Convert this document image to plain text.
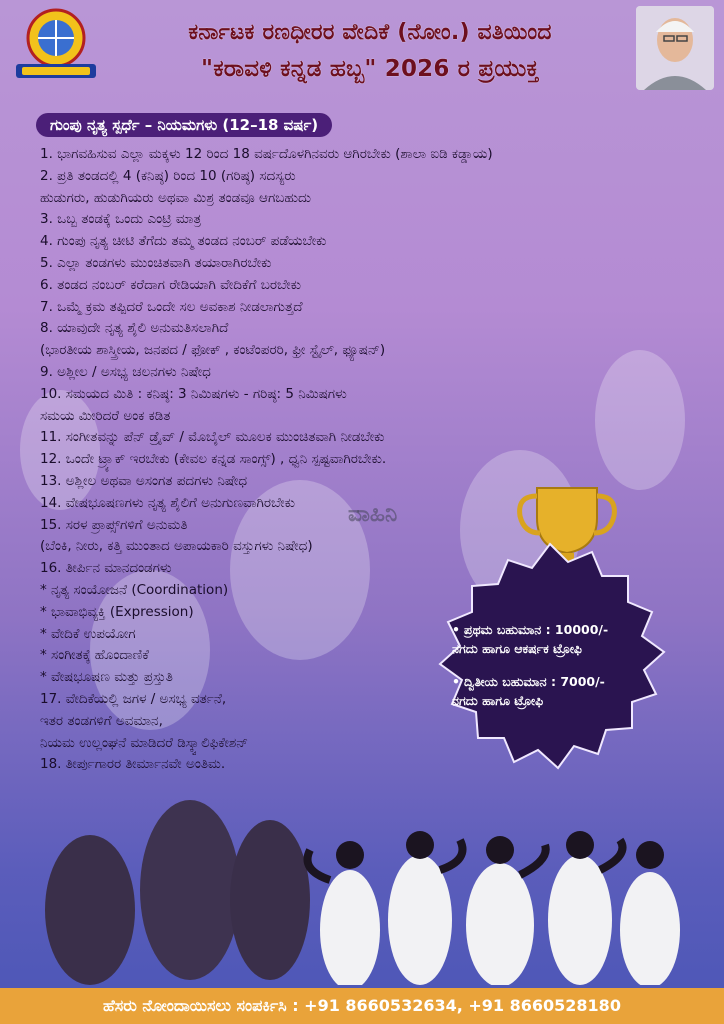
ಕರ್ನಾಟಕ ರಣಧೀರರ ವೇದಿಕೆ (ನೋಂ.) ವತಿಯಿಂದ
"ಕರಾವಳಿ ಕನ್ನಡ ಹಬ್ಬ" 2026 ರ ಪ್ರಯುಕ್ತ
ಗುಂಪು ನೃತ್ಯ ಸ್ಪರ್ಧೆ – ನಿಯಮಗಳು (12–18 ವರ್ಷ)
1. ಭಾಗವಹಿಸುವ ಎಲ್ಲಾ ಮಕ್ಕಳು 12 ರಿಂದ 18 ವರ್ಷದೊಳಗಿನವರು ಆಗಿರಬೇಕು (ಶಾಲಾ ಐಡಿ ಕಡ್ಡಾಯ)
2. ಪ್ರತಿ ತಂಡದಲ್ಲಿ 4 (ಕನಿಷ್ಠ) ರಿಂದ 10 (ಗರಿಷ್ಠ) ಸದಸ್ಯರು
ಹುಡುಗರು, ಹುಡುಗಿಯರು ಅಥವಾ ಮಿಶ್ರ ತಂಡವೂ ಆಗಬಹುದು
3. ಒಬ್ಬ ತಂಡಕ್ಕೆ ಒಂದು ಎಂಟ್ರಿ ಮಾತ್ರ
4. ಗುಂಪು ನೃತ್ಯ ಚೀಟಿ ತೆಗೆದು ತಮ್ಮ ತಂಡದ ನಂಬರ್ ಪಡೆಯಬೇಕು
5. ಎಲ್ಲಾ ತಂಡಗಳು ಮುಂಚಿತವಾಗಿ ತಯಾರಾಗಿರಬೇಕು
6. ತಂಡದ ನಂಬರ್ ಕರೆದಾಗ ರೇಡಿಯಾಗಿ ವೇದಿಕೆಗೆ ಬರಬೇಕು
7. ಒಮ್ಮೆ ಕ್ರಮ ತಪ್ಪಿದರೆ ಒಂದೇ ಸಲ ಅವಕಾಶ ನೀಡಲಾಗುತ್ತದೆ
8. ಯಾವುದೇ ನೃತ್ಯ ಶೈಲಿ ಅನುಮತಿಸಲಾಗಿದೆ
(ಭಾರತೀಯ ಶಾಸ್ತ್ರೀಯ, ಜನಪದ / ಫೋಕ್ , ಕಂಟೆಂಪರರಿ, ಫ್ರೀ ಸ್ಟೈಲ್, ಫ್ಯೂಷನ್)
9. ಅಶ್ಲೀಲ / ಅಸಭ್ಯ ಚಲನಗಳು ನಿಷೇಧ
10. ಸಮಯದ ಮಿತಿ : ಕನಿಷ್ಠ: 3 ನಿಮಿಷಗಳು - ಗರಿಷ್ಠ: 5 ನಿಮಿಷಗಳು
ಸಮಯ ಮೀರಿದರೆ ಅಂಕ ಕಡಿತ
11. ಸಂಗೀತವನ್ನು ಪೆನ್ ಡ್ರೈವ್ / ಮೊಬೈಲ್ ಮೂಲಕ ಮುಂಚಿತವಾಗಿ ನೀಡಬೇಕು
12. ಒಂದೇ ಟ್ರ್ಯಾಕ್ ಇರಬೇಕು (ಕೇವಲ ಕನ್ನಡ ಸಾಂಗ್ಸ್) , ಧ್ವನಿ ಸ್ಪಷ್ಟವಾಗಿರಬೇಕು.
13. ಅಶ್ಲೀಲ ಅಥವಾ ಅಸಂಗತ ಪದಗಳು ನಿಷೇಧ
14. ವೇಷಭೂಷಣಗಳು ನೃತ್ಯ ಶೈಲಿಗೆ ಅನುಗುಣವಾಗಿರಬೇಕು
15. ಸರಳ ಪ್ರಾಪ್ಸ್‌ಗಳಿಗೆ ಅನುಮತಿ
(ಬೆಂಕಿ, ನೀರು, ಕತ್ತಿ ಮುಂತಾದ ಅಪಾಯಕಾರಿ ವಸ್ತುಗಳು ನಿಷೇಧ)
16. ತೀರ್ಪಿನ ಮಾನದಂಡಗಳು
* ನೃತ್ಯ ಸಂಯೋಜನೆ (Coordination)
* ಭಾವಾಭಿವ್ಯಕ್ತಿ (Expression)
* ವೇದಿಕೆ ಉಪಯೋಗ
* ಸಂಗೀತಕ್ಕೆ ಹೊಂದಾಣಿಕೆ
* ವೇಷಭೂಷಣ ಮತ್ತು ಪ್ರಸ್ತುತಿ
17. ವೇದಿಕೆಯಲ್ಲಿ ಜಗಳ / ಅಸಭ್ಯ ವರ್ತನೆ,
ಇತರ ತಂಡಗಳಿಗೆ ಅವಮಾನ,
ನಿಯಮ ಉಲ್ಲಂಘನೆ ಮಾಡಿದರೆ ಡಿಸ್ಕ್ವಾಲಿಫಿಕೇಶನ್
18. ತೀರ್ಪುಗಾರರ ತೀರ್ಮಾನವೇ ಅಂತಿಮ.
ವಾಹಿನಿ
• ಪ್ರಥಮ ಬಹುಮಾನ : 10000/-
ನಗದು ಹಾಗೂ ಆಕರ್ಷಕ ಟ್ರೋಫಿ
• ದ್ವಿತೀಯ ಬಹುಮಾನ : 7000/-
ನಗದು ಹಾಗೂ ಟ್ರೋಫಿ
ಹೆಸರು ನೋಂದಾಯಿಸಲು ಸಂಪರ್ಕಿಸಿ : +91 8660532634, +91 8660528180
